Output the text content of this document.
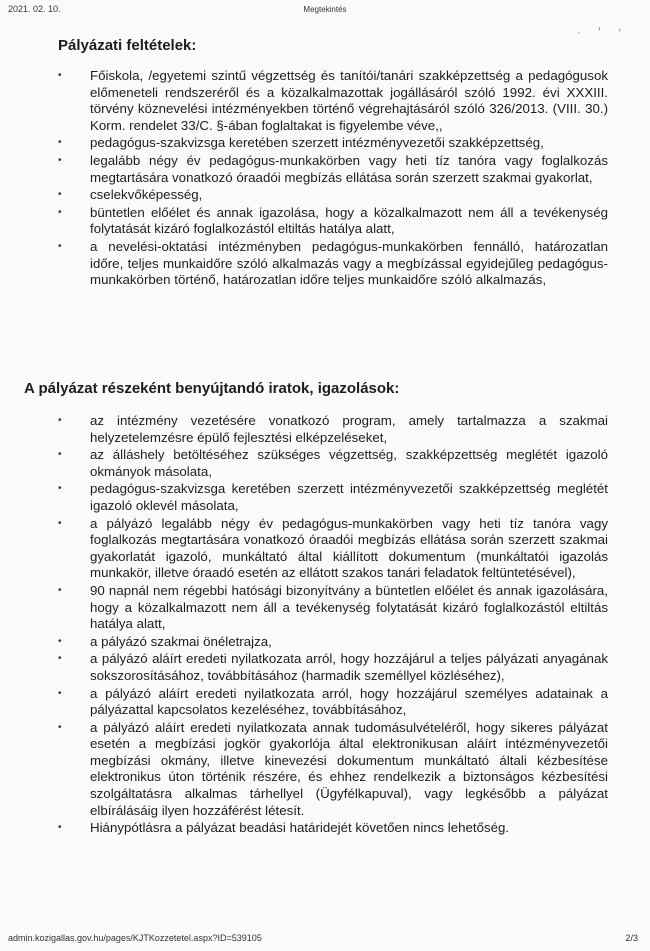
2021. 02. 10.	Megtekintés
¸ ¹ ‹
Pályázati feltételek:
• Főiskola, /egyetemi szintű végzettség és tanítói/tanári szakképzettség a pedagógusok előmeneteli rendszeréről és a közalkalmazottak jogállásáról szóló 1992. évi XXXIII. törvény köznevelési intézményekben történő végrehajtásáról szóló 326/2013. (VIII. 30.) Korm. rendelet 33/C. §-ában foglaltakat is figyelembe véve,,
• pedagógus-szakvizsga keretében szerzett intézményvezetői szakképzettség,
• legalább négy év pedagógus-munkakörben vagy heti tíz tanóra vagy foglalkozás megtartására vonatkozó óraadói megbízás ellátása során szerzett szakmai gyakorlat,
• cselekvőképesség,
• büntetlen előélet és annak igazolása, hogy a közalkalmazott nem áll a tevékenység folytatását kizáró foglalkozástól eltiltás hatálya alatt,
• a nevelési-oktatási intézményben pedagógus-munkakörben fennálló, határozatlan időre, teljes munkaidőre szóló alkalmazás vagy a megbízással egyidejűleg pedagógus-munkakörben történő, határozatlan időre teljes munkaidőre szóló alkalmazás,
A pályázat részeként benyújtandó iratok, igazolások:
• az intézmény vezetésére vonatkozó program, amely tartalmazza a szakmai helyzetelemzésre épülő fejlesztési elképzeléseket,
• az álláshely betöltéséhez szükséges végzettség, szakképzettség meglétét igazoló okmányok másolata,
• pedagógus-szakvizsga keretében szerzett intézményvezetői szakképzettség meglétét igazoló oklevél másolata,
• a pályázó legalább négy év pedagógus-munkakörben vagy heti tíz tanóra vagy foglalkozás megtartására vonatkozó óraadói megbízás ellátása során szerzett szakmai gyakorlatát igazoló, munkáltató által kiállított dokumentum (munkáltatói igazolás munkakör, illetve óraadó esetén az ellátott szakos tanári feladatok feltüntetésével),
• 90 napnál nem régebbi hatósági bizonyítvány a büntetlen előélet és annak igazolására, hogy a közalkalmazott nem áll a tevékenység folytatását kizáró foglalkozástól eltiltás hatálya alatt,
• a pályázó szakmai önéletrajza,
• a pályázó aláírt eredeti nyilatkozata arról, hogy hozzájárul a teljes pályázati anyagának sokszorosításához, továbbításához (harmadik személlyel közléséhez),
• a pályázó aláírt eredeti nyilatkozata arról, hogy hozzájárul személyes adatainak a pályázattal kapcsolatos kezeléséhez, továbbításához,
• a pályázó aláírt eredeti nyilatkozata annak tudomásulvételéről, hogy sikeres pályázat esetén a megbízási jogkör gyakorlója által elektronikusan aláírt intézményvezetői megbízási okmány, illetve kinevezési dokumentum munkáltató általi kézbesítése elektronikus úton történik részére, és ehhez rendelkezik a biztonságos kézbesítési szolgáltatásra alkalmas tárhellyel (Ügyfélkapuval), vagy legkésőbb a pályázat elbírálásáig ilyen hozzáférést létesít.
• Hiánypótlásra a pályázat beadási határidejét követően nincs lehetőség.
admin.kozigallas.gov.hu/pages/KJTKozzetetel.aspx?ID=539105	2/3
